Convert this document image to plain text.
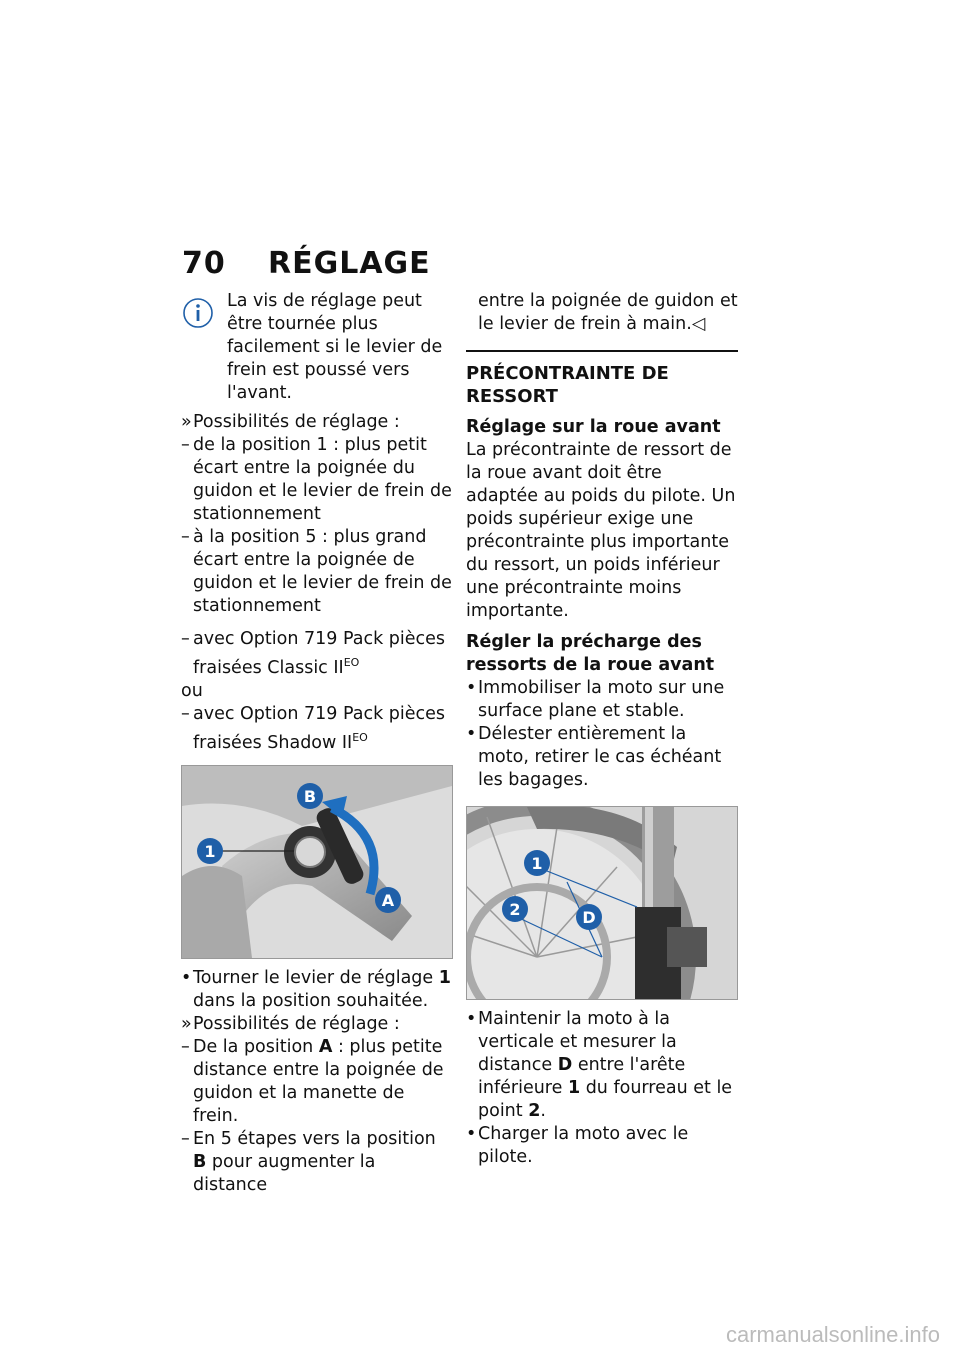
70 RÉGLAGE

La vis de réglage peut être tournée plus facilement si le levier de frein est poussé vers l'avant.

» Possibilités de réglage :
– de la position 1 : plus petit écart entre la poignée du guidon et le levier de frein de stationnement
– à la position 5 : plus grand écart entre la poignée de guidon et le levier de frein de stationnement
– avec Option 719 Pack pièces fraisées Classic $II^{EO}$

ou

– avec Option 719 Pack pièces fraisées Shadow $II^{EO}$
1
B
A
• Tourner le levier de réglage 1 dans la position souhaitée.
» Possibilités de réglage :
– De la position A : plus petite distance entre la poignée de guidon et la manette de frein.
– En 5 étapes vers la position B pour augmenter la distance

entre la poignée de guidon et le levier de frein à main.◁

PRÉCONTRAINTE DE RESSORT
Réglage sur la roue avant

La précontrainte de ressort de la roue avant doit être adaptée au poids du pilote. Un poids supérieur exige une précontrainte plus importante du ressort, un poids inférieur une précontrainte moins importante.

Régler la précharge des ressorts de la roue avant
• Immobiliser la moto sur une surface plane et stable.
• Délester entièrement la moto, retirer le cas échéant les bagages.
1
2	D
• Maintenir la moto à la verticale et mesurer la distance D entre l'arête inférieure 1 du fourreau et le point 2.
• Charger la moto avec le pilote.
carmanualsonline.info
